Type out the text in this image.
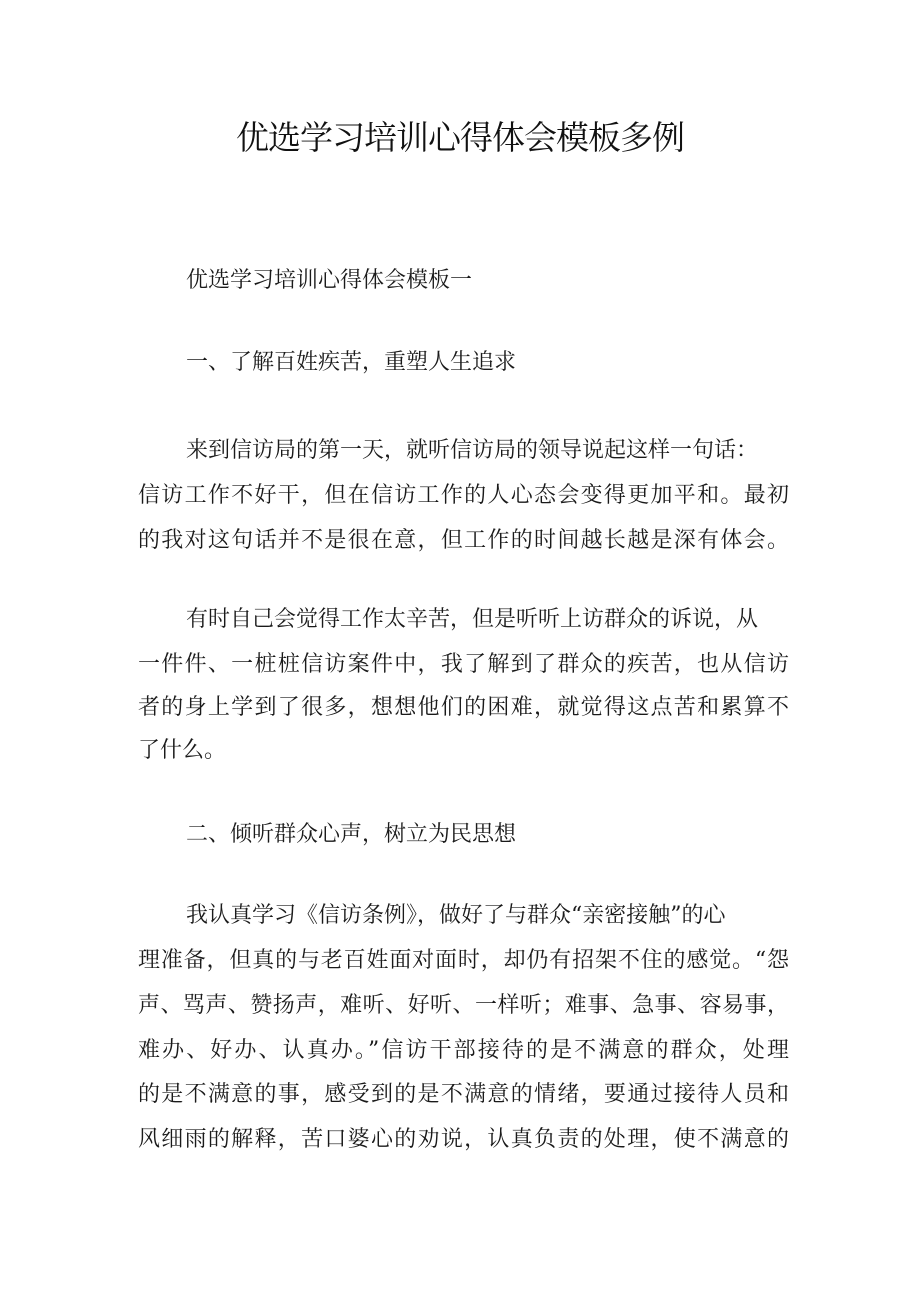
优选学习培训心得体会模板多例
优选学习培训心得体会模板一
一、了解百姓疾苦，重塑人生追求
来到信访局的第一天，就听信访局的领导说起这样一句话：
信访工作不好干，但在信访工作的人心态会变得更加平和。最初
的我对这句话并不是很在意，但工作的时间越长越是深有体会。
有时自己会觉得工作太辛苦，但是听听上访群众的诉说，从
一件件、一桩桩信访案件中，我了解到了群众的疾苦，也从信访
者的身上学到了很多，想想他们的困难，就觉得这点苦和累算不
了什么。
二、倾听群众心声，树立为民思想
我认真学习《信访条例》，做好了与群众“亲密接触”的心
理准备，但真的与老百姓面对面时，却仍有招架不住的感觉。“怨
声、骂声、赞扬声，难听、好听、一样听；难事、急事、容易事，
难办、好办、认真办。”信访干部接待的是不满意的群众，处理
的是不满意的事，感受到的是不满意的情绪，要通过接待人员和
风细雨的解释，苦口婆心的劝说，认真负责的处理，使不满意的
